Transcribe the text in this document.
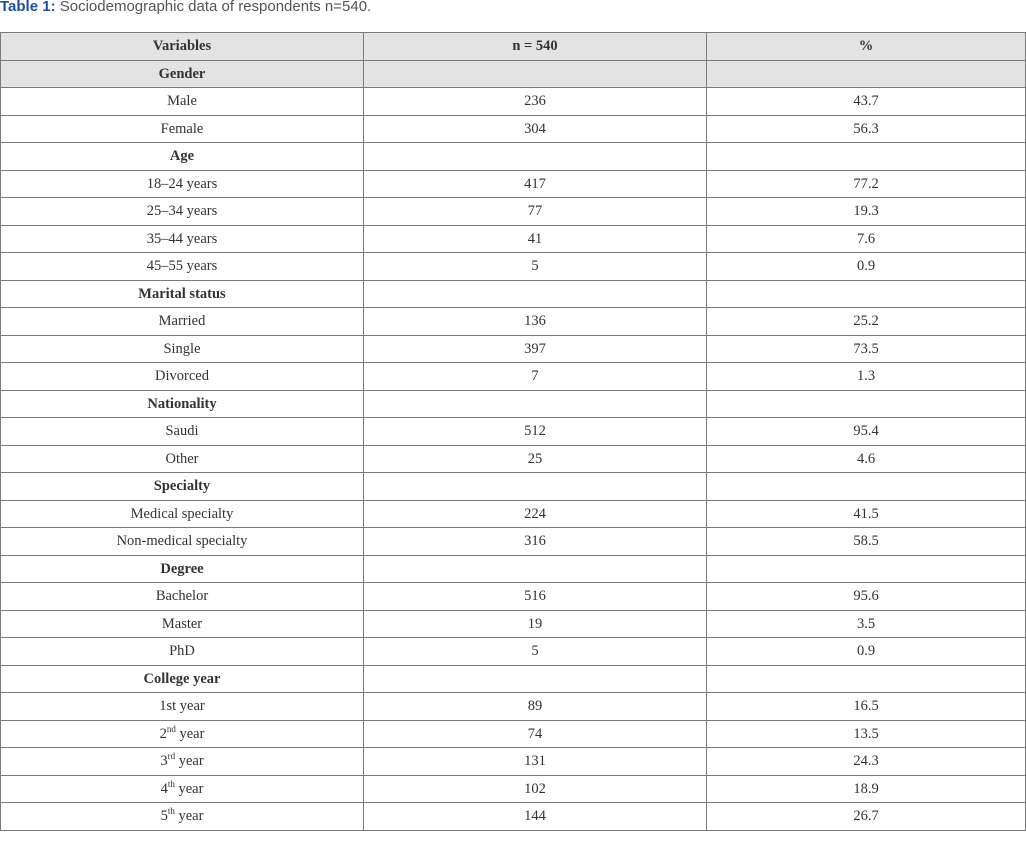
Table 1: Sociodemographic data of respondents n=540.
Variables	n = 540	%
Gender		
Male	236	43.7
Female	304	56.3
Age		
18–24 years	417	77.2
25–34 years	77	19.3
35–44 years	41	7.6
45–55 years	5	0.9
Marital status		
Married	136	25.2
Single	397	73.5
Divorced	7	1.3
Nationality		
Saudi	512	95.4
Other	25	4.6
Specialty		
Medical specialty	224	41.5
Non-medical specialty	316	58.5
Degree		
Bachelor	516	95.6
Master	19	3.5
PhD	5	0.9
College year		
1st year	89	16.5
2nd year	74	13.5
3rd year	131	24.3
4th year	102	18.9
5th year	144	26.7
